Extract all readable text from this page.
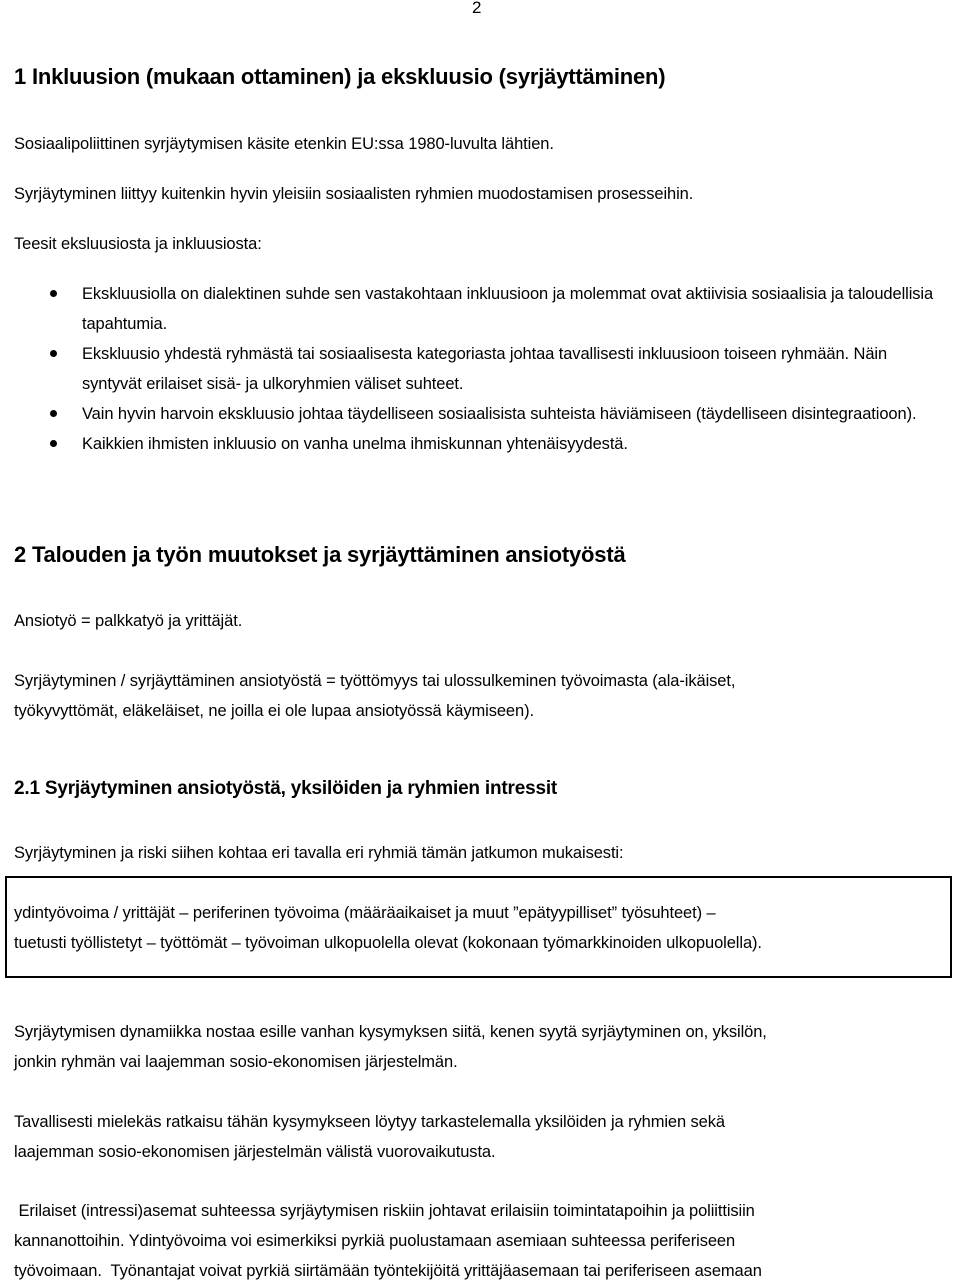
2
1 Inkluusion (mukaan ottaminen) ja ekskluusio (syrjäyttäminen)
Sosiaalipoliittinen syrjäytymisen käsite etenkin EU:ssa 1980-luvulta lähtien.
Syrjäytyminen liittyy kuitenkin hyvin yleisiin sosiaalisten ryhmien muodostamisen prosesseihin.
Teesit eksluusiosta ja inkluusiosta:
Ekskluusiolla on dialektinen suhde sen vastakohtaan inkluusioon ja molemmat ovat aktiivisia sosiaalisia ja taloudellisia tapahtumia.
Ekskluusio yhdestä ryhmästä tai sosiaalisesta kategoriasta johtaa tavallisesti inkluusioon toiseen ryhmään. Näin syntyvät erilaiset sisä- ja ulkoryhmien väliset suhteet.
Vain hyvin harvoin ekskluusio johtaa täydelliseen sosiaalisista suhteista häviämiseen (täydelliseen disintegraatioon).
Kaikkien ihmisten inkluusio on vanha unelma ihmiskunnan yhtenäisyydestä.
2 Talouden ja työn muutokset ja syrjäyttäminen ansiotyöstä
Ansiotyö = palkkatyö ja yrittäjät.
Syrjäytyminen / syrjäyttäminen ansiotyöstä = työttömyys tai ulossulkeminen työvoimasta (ala-ikäiset,
työkyvyttömät, eläkeläiset, ne joilla ei ole lupaa ansiotyössä käymiseen).
2.1 Syrjäytyminen ansiotyöstä, yksilöiden ja ryhmien intressit
Syrjäytyminen ja riski siihen kohtaa eri tavalla eri ryhmiä tämän jatkumon mukaisesti:
ydintyövoima / yrittäjät – periferinen työvoima (määräaikaiset ja muut ”epätyypilliset” työsuhteet) –
tuetusti työllistetyt – työttömät – työvoiman ulkopuolella olevat (kokonaan työmarkkinoiden ulkopuolella).
Syrjäytymisen dynamiikka nostaa esille vanhan kysymyksen siitä, kenen syytä syrjäytyminen on, yksilön,
jonkin ryhmän vai laajemman sosio-ekonomisen järjestelmän.
Tavallisesti mielekäs ratkaisu tähän kysymykseen löytyy tarkastelemalla yksilöiden ja ryhmien sekä
laajemman sosio-ekonomisen järjestelmän välistä vuorovaikutusta.
Erilaiset (intressi)asemat suhteessa syrjäytymisen riskiin johtavat erilaisiin toimintatapoihin ja poliittisiin
kannanottoihin. Ydintyövoima voi esimerkiksi pyrkiä puolustamaan asemiaan suhteessa periferiseen
työvoimaan.  Työnantajat voivat pyrkiä siirtämään työntekijöitä yrittäjäasemaan tai periferiseen asemaan
